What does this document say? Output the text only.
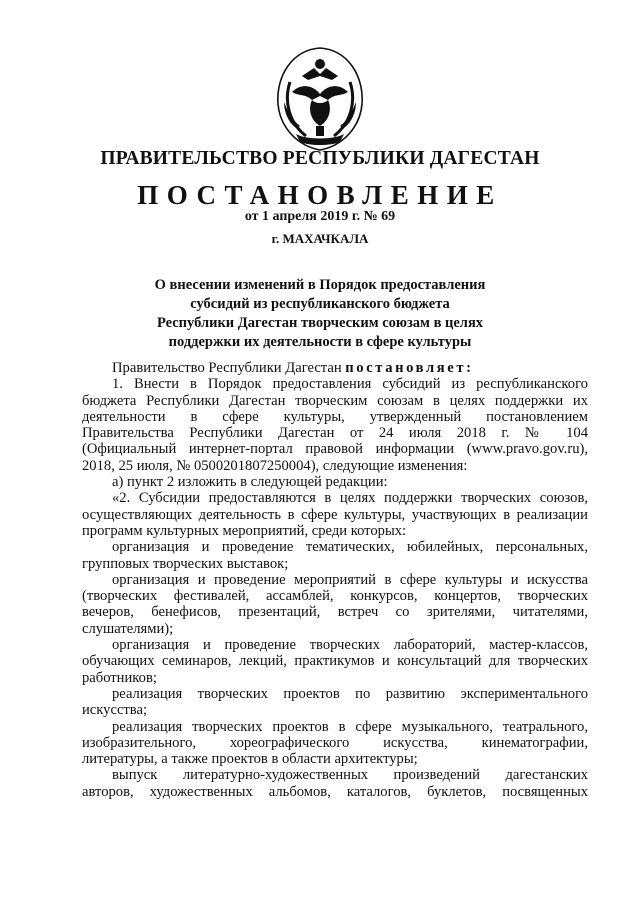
ПРАВИТЕЛЬСТВО РЕСПУБЛИКИ ДАГЕСТАН
ПОСТАНОВЛЕНИЕ
от 1 апреля 2019 г. № 69
г. МАХАЧКАЛА
О внесении изменений в Порядок предоставления
субсидий из республиканского бюджета
Республики Дагестан творческим союзам в целях
поддержки их деятельности в сфере культуры
Правительство Республики Дагестан постановляет:
1. Внести в Порядок предоставления субсидий из республиканского
бюджета Республики Дагестан творческим союзам в целях поддержки их
деятельности в сфере культуры, утвержденный постановлением
Правительства Республики Дагестан от 24 июля 2018 г. № 104
(Официальный интернет-портал правовой информации (www.pravo.gov.ru),
2018, 25 июля, № 0500201807250004), следующие изменения:
а) пункт 2 изложить в следующей редакции:
«2. Субсидии предоставляются в целях поддержки творческих союзов,
осуществляющих деятельность в сфере культуры, участвующих в реализации
программ культурных мероприятий, среди которых:
организация и проведение тематических, юбилейных, персональных,
групповых творческих выставок;
организация и проведение мероприятий в сфере культуры и искусства
(творческих фестивалей, ассамблей, конкурсов, концертов, творческих
вечеров, бенефисов, презентаций, встреч со зрителями, читателями,
слушателями);
организация и проведение творческих лабораторий, мастер-классов,
обучающих семинаров, лекций, практикумов и консультаций для творческих
работников;
реализация творческих проектов по развитию экспериментального
искусства;
реализация творческих проектов в сфере музыкального, театрального,
изобразительного, хореографического искусства, кинематографии,
литературы, а также проектов в области архитектуры;
выпуск литературно-художественных произведений дагестанских
авторов, художественных альбомов, каталогов, буклетов, посвященных
